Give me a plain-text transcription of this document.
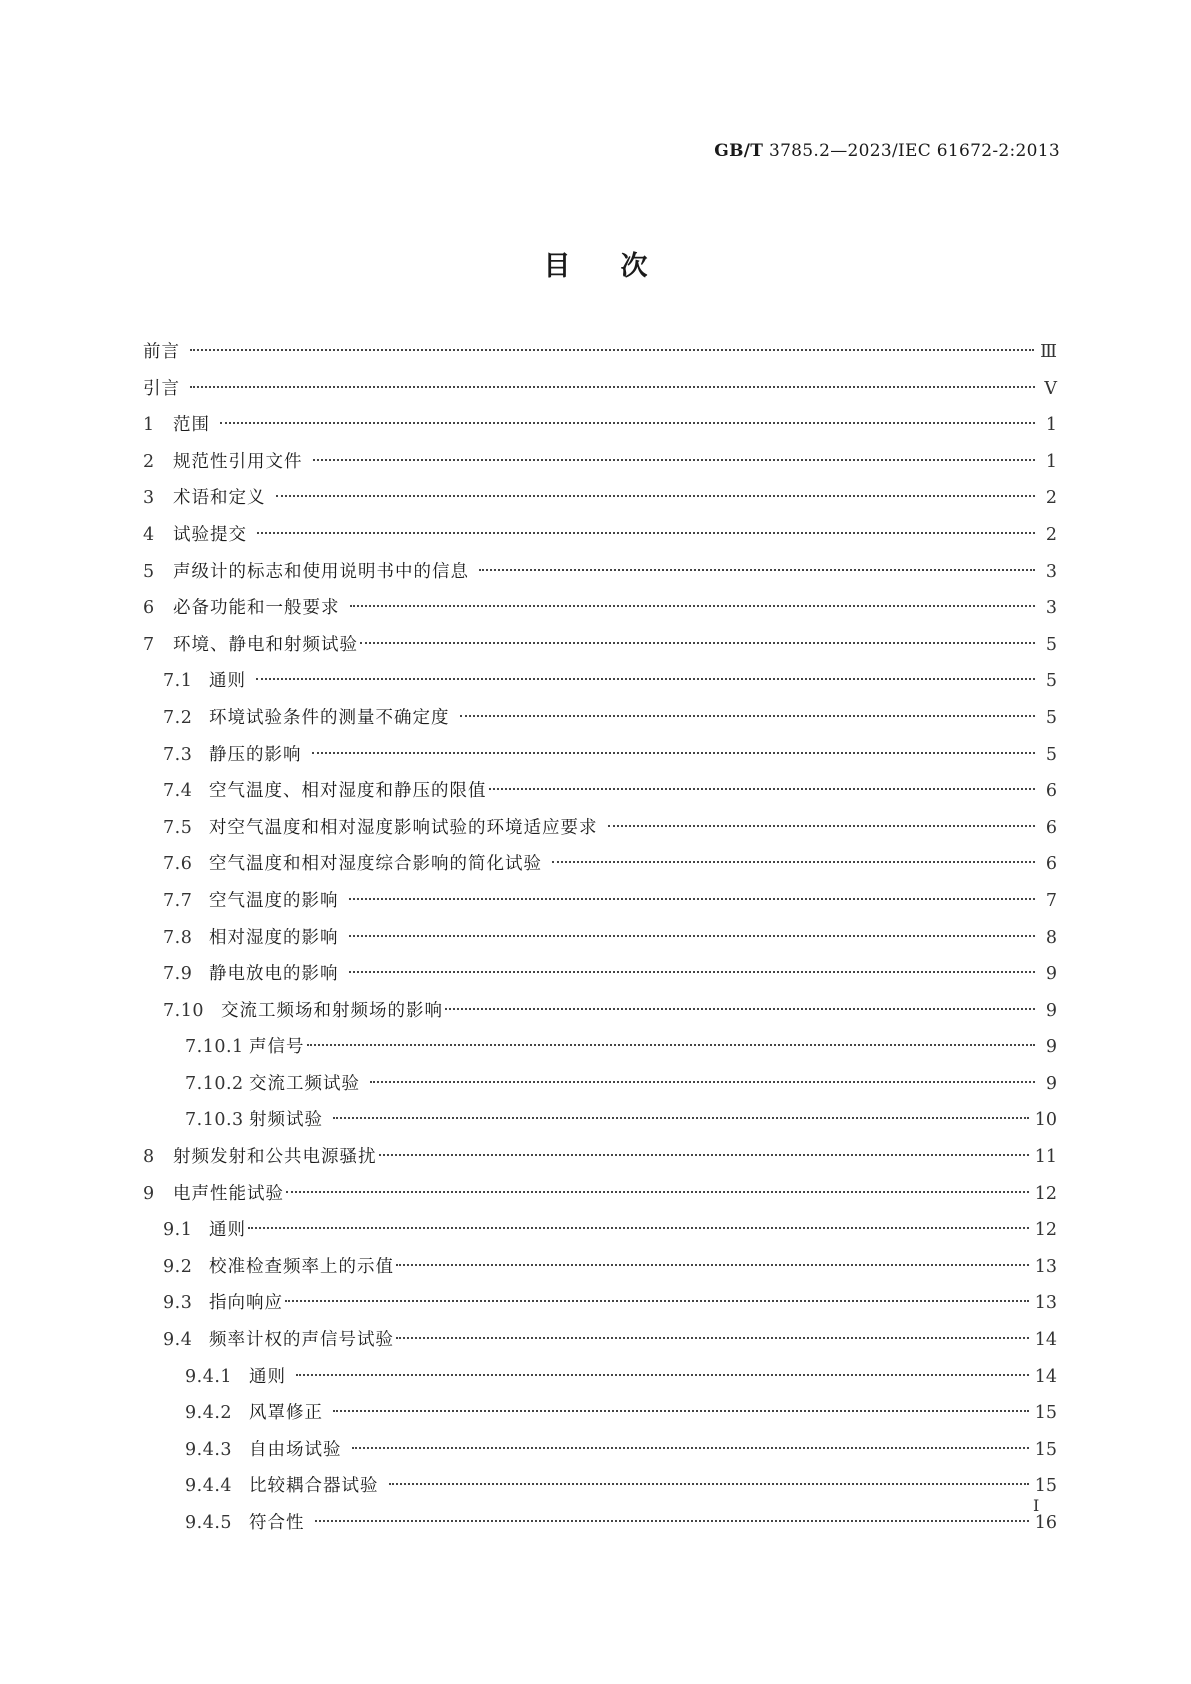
GB/T 3785.2—2023/IEC 61672-2:2013

目次
前言	Ⅲ
引言	Ⅴ
1	范围	1
2	规范性引用文件	1
3	术语和定义	2
4	试验提交	2
5	声级计的标志和使用说明书中的信息	3
6	必备功能和一般要求	3
7	环境、静电和射频试验	5
7.1 通则	5
7.2 环境试验条件的测量不确定度	5
7.3 静压的影响	5
7.4 空气温度、相对湿度和静压的限值	6
7.5 对空气温度和相对湿度影响试验的环境适应要求	6
7.6 空气温度和相对湿度综合影响的简化试验	6
7.7 空气温度的影响	7
7.8 相对湿度的影响	8
7.9 静电放电的影响	9
7.10 交流工频场和射频场的影响	9
7.10.1 声信号	9
7.10.2 交流工频试验	9
7.10.3 射频试验	10
8	射频发射和公共电源骚扰	11
9	电声性能试验	12
9.1 通则	12
9.2 校准检查频率上的示值	13
9.3 指向响应	13
9.4 频率计权的声信号试验	14
9.4.1 通则	14
9.4.2 风罩修正	15
9.4.3 自由场试验	15
9.4.4 比较耦合器试验	15
9.4.5 符合性	16

I
